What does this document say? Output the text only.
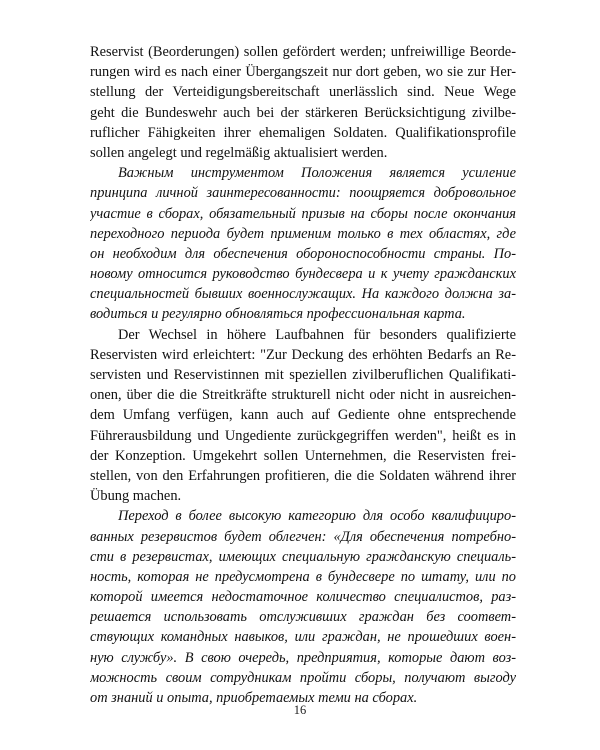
Reservist (Beorderungen) sollen gefördert werden; unfreiwillige Beorde-
rungen wird es nach einer Übergangszeit nur dort geben, wo sie zur Her-
stellung der Verteidigungsbereitschaft unerlässlich sind. Neue Wege
geht die Bundeswehr auch bei der stärkeren Berücksichtigung zivilbe-
ruflicher Fähigkeiten ihrer ehemaligen Soldaten. Qualifikationsprofile
sollen angelegt und regelmäßig aktualisiert werden.
Важным инструментом Положения является усиление
принципа личной заинтересованности: поощряется добровольное
участие в сборах, обязательный призыв на сборы после окончания
переходного периода будет применим только в тех областях, где
он необходим для обеспечения обороноспособности страны. По-
новому относится руководство бундесвера и к учету гражданских
специальностей бывших военнослужащих. На каждого должна за-
водиться и регулярно обновляться профессиональная карта.
Der Wechsel in höhere Laufbahnen für besonders qualifizierte
Reservisten wird erleichtert: "Zur Deckung des erhöhten Bedarfs an Re-
servisten und Reservistinnen mit speziellen zivilberuflichen Qualifikati-
onen, über die die Streitkräfte strukturell nicht oder nicht in ausreichen-
dem Umfang verfügen, kann auch auf Gediente ohne entsprechende
Führerausbildung und Ungediente zurückgegriffen werden", heißt es in
der Konzeption. Umgekehrt sollen Unternehmen, die Reservisten frei-
stellen, von den Erfahrungen profitieren, die die Soldaten während ihrer
Übung machen.
Переход в более высокую категорию для особо квалифициро-
ванных резервистов будет облегчен: «Для обеспечения потребно-
сти в резервистах, имеющих специальную гражданскую специаль-
ность, которая не предусмотрена в бундесвере по штату, или по
которой имеется недостаточное количество специалистов, раз-
решается использовать отслуживших граждан без соответ-
ствующих командных навыков, или граждан, не прошедших воен-
ную службу». В свою очередь, предприятия, которые дают воз-
можность своим сотрудникам пройти сборы, получают выгоду
от знаний и опыта, приобретаемых теми на сборах.
16
